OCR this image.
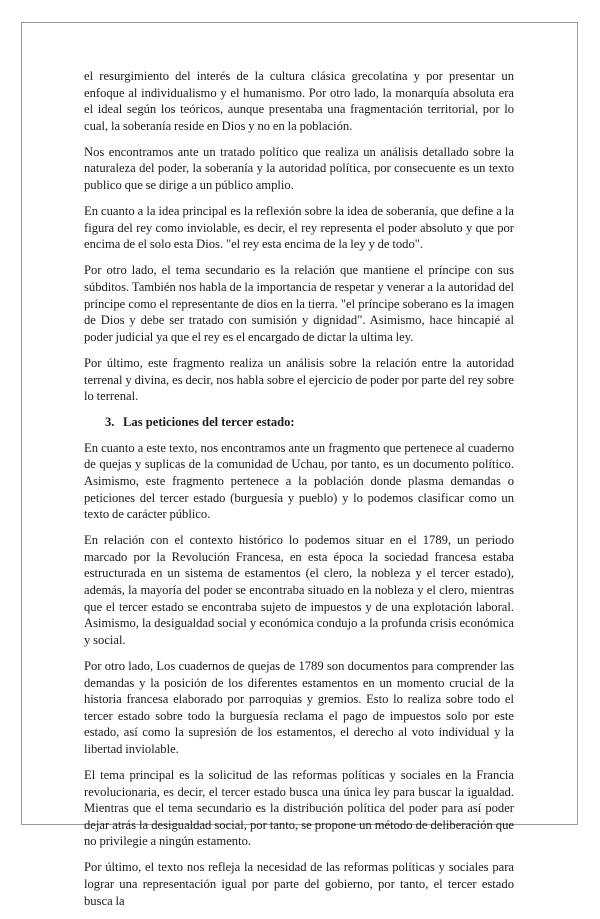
el resurgimiento del interés de la cultura clásica grecolatina y por presentar un enfoque al individualismo y el humanismo. Por otro lado, la monarquía absoluta era el ideal según los teóricos, aunque presentaba una fragmentación territorial, por lo cual, la soberanía reside en Dios y no en la población.

Nos encontramos ante un tratado político que realiza un análisis detallado sobre la naturaleza del poder, la soberanía y la autoridad política, por consecuente es un texto publico que se dirige a un público amplio.

En cuanto a la idea principal es la reflexión sobre la idea de soberanía, que define a la figura del rey como inviolable, es decir, el rey representa el poder absoluto y que por encima de el solo esta Dios. "el rey esta encima de la ley y de todo".

Por otro lado, el tema secundario es la relación que mantiene el príncipe con sus súbditos. También nos habla de la importancia de respetar y venerar a la autoridad del príncipe como el representante de dios en la tierra. "el príncipe soberano es la imagen de Dios y debe ser tratado con sumisión y dignidad". Asimismo, hace hincapié al poder judicial ya que el rey es el encargado de dictar la ultima ley.

Por último, este fragmento realiza un análisis sobre la relación entre la autoridad terrenal y divina, es decir, nos habla sobre el ejercicio de poder por parte del rey sobre lo terrenal.

3. Las peticiones del tercer estado:

En cuanto a este texto, nos encontramos ante un fragmento que pertenece al cuaderno de quejas y suplicas de la comunidad de Uchau, por tanto, es un documento político. Asimismo, este fragmento pertenece a la población donde plasma demandas o peticiones del tercer estado (burguesía y pueblo) y lo podemos clasificar como un texto de carácter público.

En relación con el contexto histórico lo podemos situar en el 1789, un periodo marcado por la Revolución Francesa, en esta época la sociedad francesa estaba estructurada en un sistema de estamentos (el clero, la nobleza y el tercer estado), además, la mayoría del poder se encontraba situado en la nobleza y el clero, mientras que el tercer estado se encontraba sujeto de impuestos y de una explotación laboral. Asimismo, la desigualdad social y económica condujo a la profunda crisis económica y social.

Por otro lado, Los cuadernos de quejas de 1789 son documentos para comprender las demandas y la posición de los diferentes estamentos en un momento crucial de la historia francesa elaborado por parroquias y gremios. Esto lo realiza sobre todo el tercer estado sobre todo la burguesía reclama el pago de impuestos solo por este estado, así como la supresión de los estamentos, el derecho al voto individual y la libertad inviolable.

El tema principal es la solicitud de las reformas políticas y sociales en la Francia revolucionaria, es decir, el tercer estado busca una única ley para buscar la igualdad. Mientras que el tema secundario es la distribución política del poder para así poder dejar atrás la desigualdad social, por tanto, se propone un método de deliberación que no privilegie a ningún estamento.

Por último, el texto nos refleja la necesidad de las reformas políticas y sociales para lograr una representación igual por parte del gobierno, por tanto, el tercer estado busca la
